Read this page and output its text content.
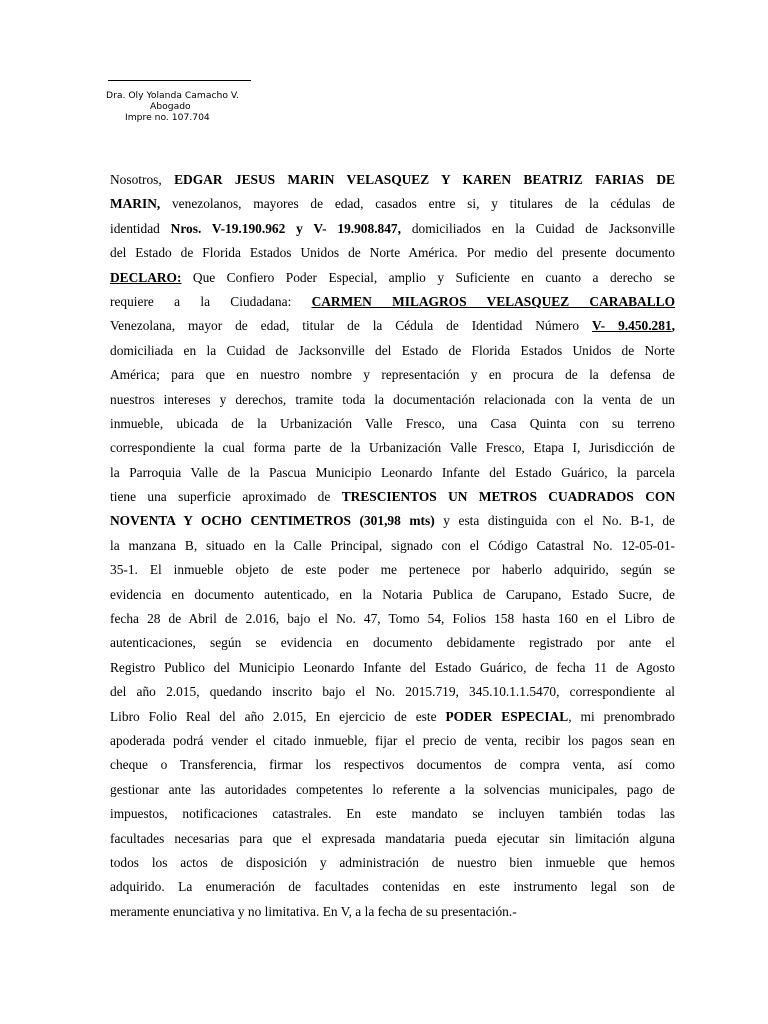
Dra. Oly Yolanda Camacho V.
Abogado
Impre no. 107.704
Nosotros, EDGAR JESUS MARIN VELASQUEZ Y KAREN BEATRIZ FARIAS DE
MARIN, venezolanos, mayores de edad, casados entre si, y titulares de la cédulas de
identidad Nros. V-19.190.962 y V- 19.908.847, domiciliados en la Cuidad de Jacksonville
del Estado de Florida Estados Unidos de Norte América. Por medio del presente documento
DECLARO: Que Confiero Poder Especial, amplio y Suficiente en cuanto a derecho se
requiere a la Ciudadana: CARMEN MILAGROS VELASQUEZ CARABALLO
Venezolana, mayor de edad, titular de la Cédula de Identidad Número V- 9.450.281,
domiciliada en la Cuidad de Jacksonville del Estado de Florida Estados Unidos de Norte
América; para que en nuestro nombre y representación y en procura de la defensa de
nuestros intereses y derechos, tramite toda la documentación relacionada con la venta de un
inmueble, ubicada de la Urbanización Valle Fresco, una Casa Quinta con su terreno
correspondiente la cual forma parte de la Urbanización Valle Fresco, Etapa I, Jurisdicción de
la Parroquia Valle de la Pascua Municipio Leonardo Infante del Estado Guárico, la parcela
tiene una superficie aproximado de TRESCIENTOS UN METROS CUADRADOS CON
NOVENTA Y OCHO CENTIMETROS (301,98 mts) y esta distinguida con el No. B-1, de
la manzana B, situado en la Calle Principal, signado con el Código Catastral No. 12-05-01-
35-1. El inmueble objeto de este poder me pertenece por haberlo adquirido, según se
evidencia en documento autenticado, en la Notaria Publica de Carupano, Estado Sucre, de
fecha 28 de Abril de 2.016, bajo el No. 47, Tomo 54, Folios 158 hasta 160 en el Libro de
autenticaciones, según se evidencia en documento debidamente registrado por ante el
Registro Publico del Municipio Leonardo Infante del Estado Guárico, de fecha 11 de Agosto
del año 2.015, quedando inscrito bajo el No. 2015.719, 345.10.1.1.5470, correspondiente al
Libro Folio Real del año 2.015, En ejercicio de este PODER ESPECIAL, mi prenombrado
apoderada podrá vender el citado inmueble, fijar el precio de venta, recibir los pagos sean en
cheque o Transferencia, firmar los respectivos documentos de compra venta, así como
gestionar ante las autoridades competentes lo referente a la solvencias municipales, pago de
impuestos, notificaciones catastrales. En este mandato se incluyen también todas las
facultades necesarias para que el expresada mandataria pueda ejecutar sin limitación alguna
todos los actos de disposición y administración de nuestro bien inmueble que hemos
adquirido. La enumeración de facultades contenidas en este instrumento legal son de
meramente enunciativa y no limitativa. En V, a la fecha de su presentación.-
